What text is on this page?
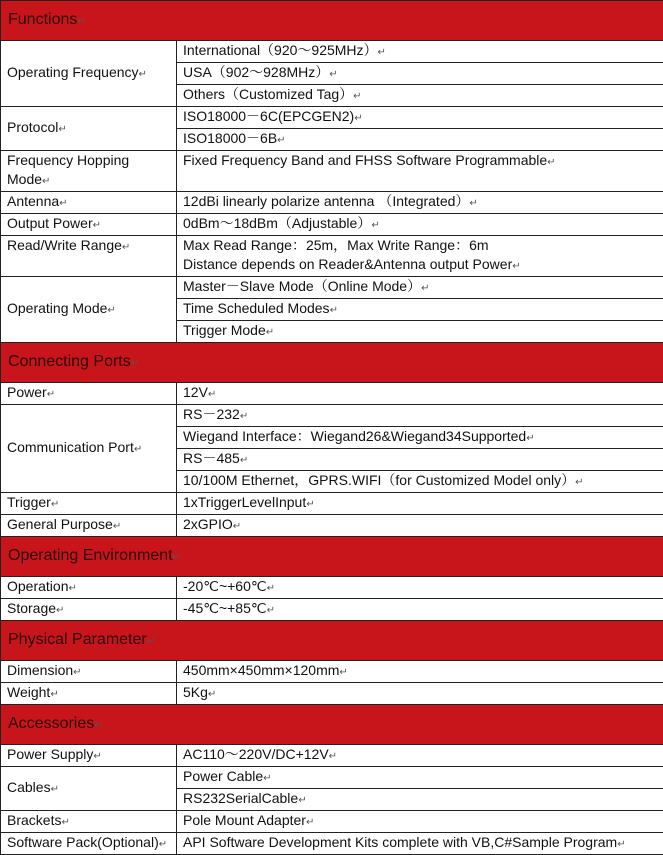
Functions↵	
Operating Frequency↵	International（920～925MHz）↵
	USA（902～928MHz）↵
	Others（Customized Tag）↵
Protocol↵	ISO18000－6C(EPCGEN2)↵
	ISO18000－6B↵
Frequency Hopping Mode↵	Fixed Frequency Band and FHSS Software Programmable↵
Antenna↵	12dBi linearly polarize antenna （Integrated）↵
Output Power↵	0dBm～18dBm（Adjustable）↵
Read/Write Range↵	Max Read Range：25m，Max Write Range：6m
Distance depends on Reader&Antenna output Power↵

Operating Mode↵	Master－Slave Mode（Online Mode）↵
	Time Scheduled Modes↵
	Trigger Mode↵
Connecting Ports↵	
Power↵	12V↵
Communication Port↵	RS－232↵
	Wiegand Interface：Wiegand26&Wiegand34Supported↵
	RS－485↵
	10/100M Ethernet，GPRS.WIFI（for Customized Model only）↵
Trigger↵	1xTriggerLevelInput↵
General Purpose↵	2xGPIO↵
Operating Environment↵	
Operation↵	-20℃~+60℃↵
Storage↵	-45℃~+85℃↵
Physical Parameter↵	
Dimension↵	450mm×450mm×120mm↵
Weight↵	5Kg↵
Accessories↵	
Power Supply↵	AC110～220V/DC+12V↵
Cables↵	Power Cable↵
	RS232SerialCable↵
Brackets↵	Pole Mount Adapter↵
Software Pack(Optional)↵	API Software Development Kits complete with VB,C#Sample Program↵
